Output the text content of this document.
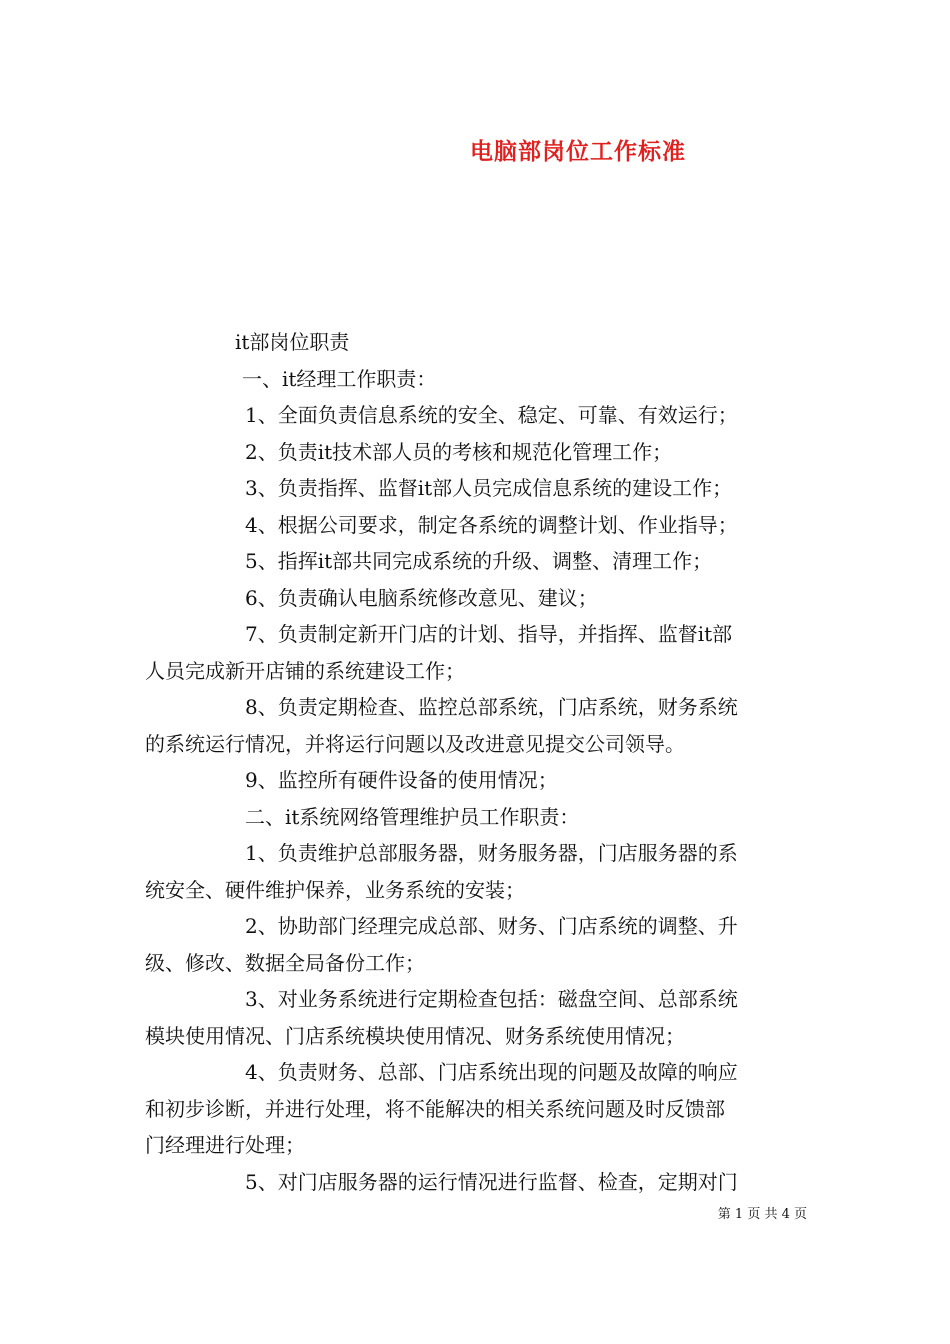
电脑部岗位工作标准

it部岗位职责

一、it经理工作职责：

1、全面负责信息系统的安全、稳定、可靠、有效运行；

2、负责it技术部人员的考核和规范化管理工作；

3、负责指挥、监督it部人员完成信息系统的建设工作；

4、根据公司要求，制定各系统的调整计划、作业指导；

5、指挥it部共同完成系统的升级、调整、清理工作；

6、负责确认电脑系统修改意见、建议；

7、负责制定新开门店的计划、指导，并指挥、监督it部

人员完成新开店铺的系统建设工作；

8、负责定期检查、监控总部系统，门店系统，财务系统

的系统运行情况，并将运行问题以及改进意见提交公司领导。

9、监控所有硬件设备的使用情况；

二、it系统网络管理维护员工作职责：

1、负责维护总部服务器，财务服务器，门店服务器的系

统安全、硬件维护保养，业务系统的安装；

2、协助部门经理完成总部、财务、门店系统的调整、升

级、修改、数据全局备份工作；

3、对业务系统进行定期检查包括：磁盘空间、总部系统

模块使用情况、门店系统模块使用情况、财务系统使用情况；

4、负责财务、总部、门店系统出现的问题及故障的响应

和初步诊断，并进行处理，将不能解决的相关系统问题及时反馈部

门经理进行处理；

5、对门店服务器的运行情况进行监督、检查，定期对门

第 1 页 共 4 页
